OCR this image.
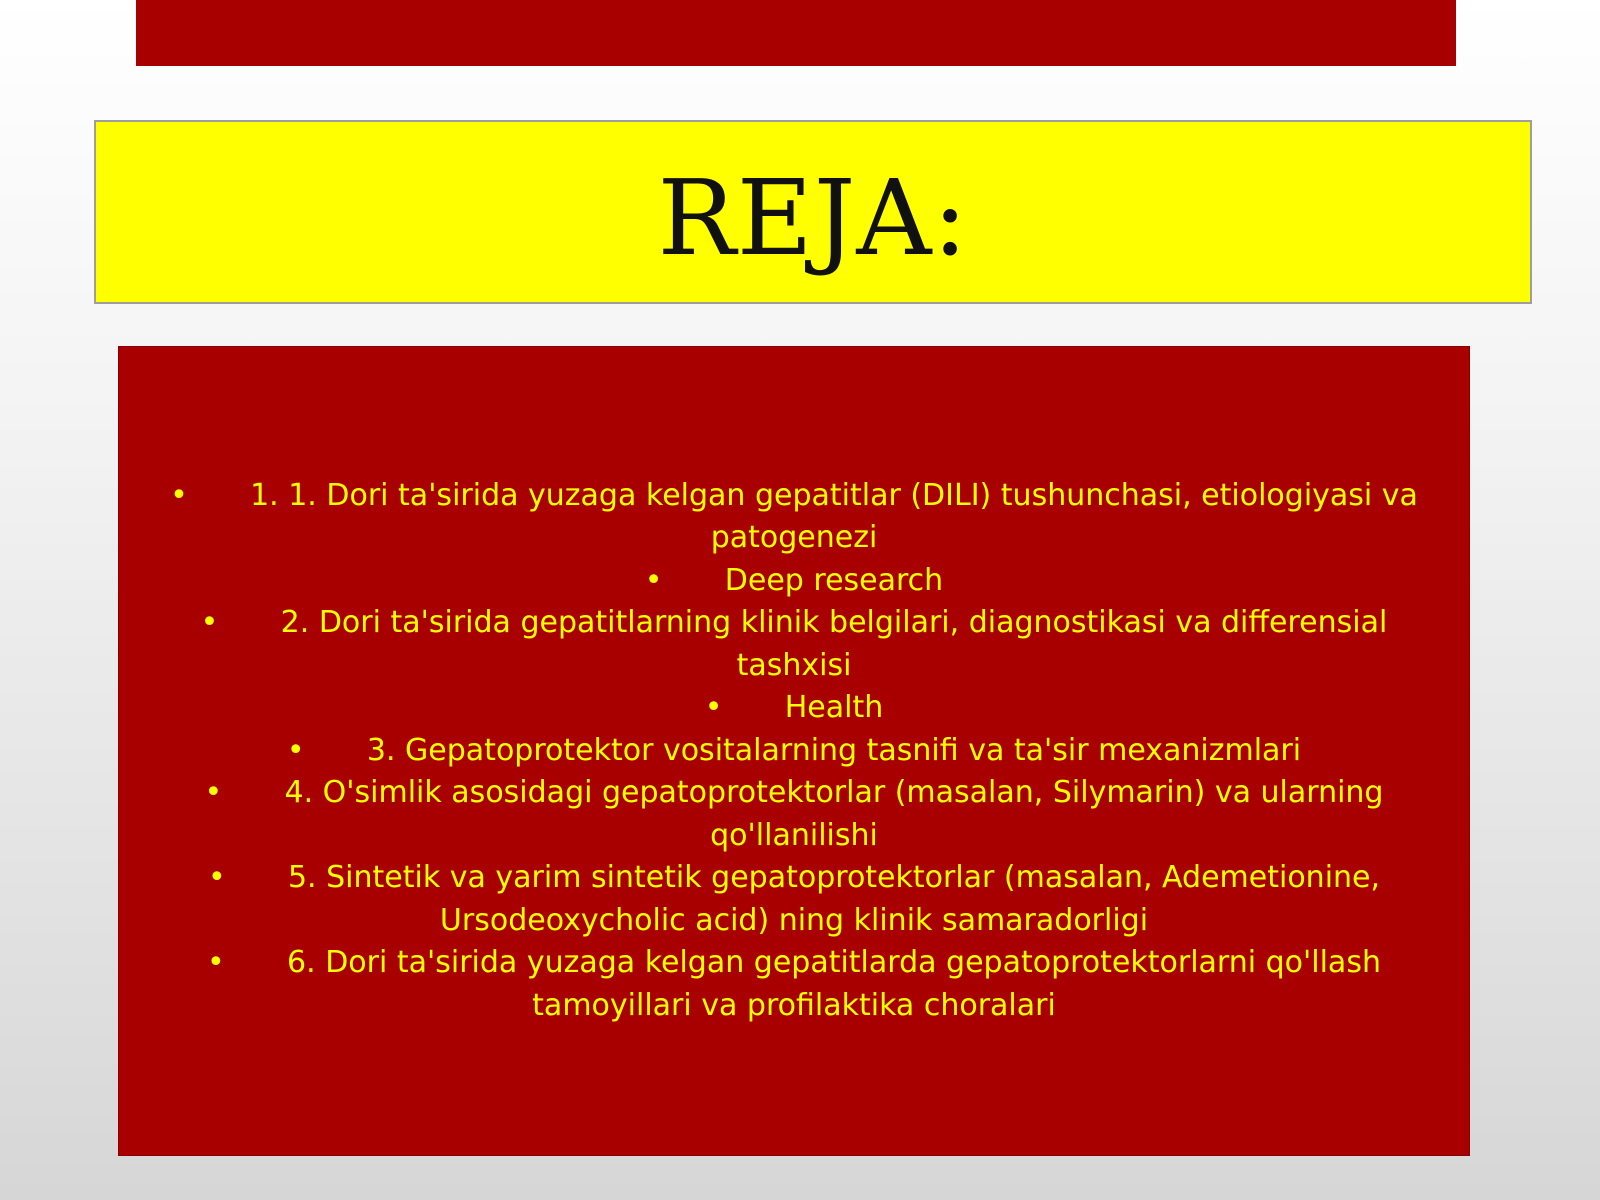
REJA:
• 1. 1. Dori ta'sirida yuzaga kelgan gepatitlar (DILI) tushunchasi, etiologiyasi va patogenezi
• Deep research
• 2. Dori ta'sirida gepatitlarning klinik belgilari, diagnostikasi va differensial tashxisi
• Health
• 3. Gepatoprotektor vositalarning tasnifi va ta'sir mexanizmlari
• 4. O'simlik asosidagi gepatoprotektorlar (masalan, Silymarin) va ularning qo'llanilishi
• 5. Sintetik va yarim sintetik gepatoprotektorlar (masalan, Ademetionine, Ursodeoxycholic acid) ning klinik samaradorligi
• 6. Dori ta'sirida yuzaga kelgan gepatitlarda gepatoprotektorlarni qo'llash tamoyillari va profilaktika choralari
